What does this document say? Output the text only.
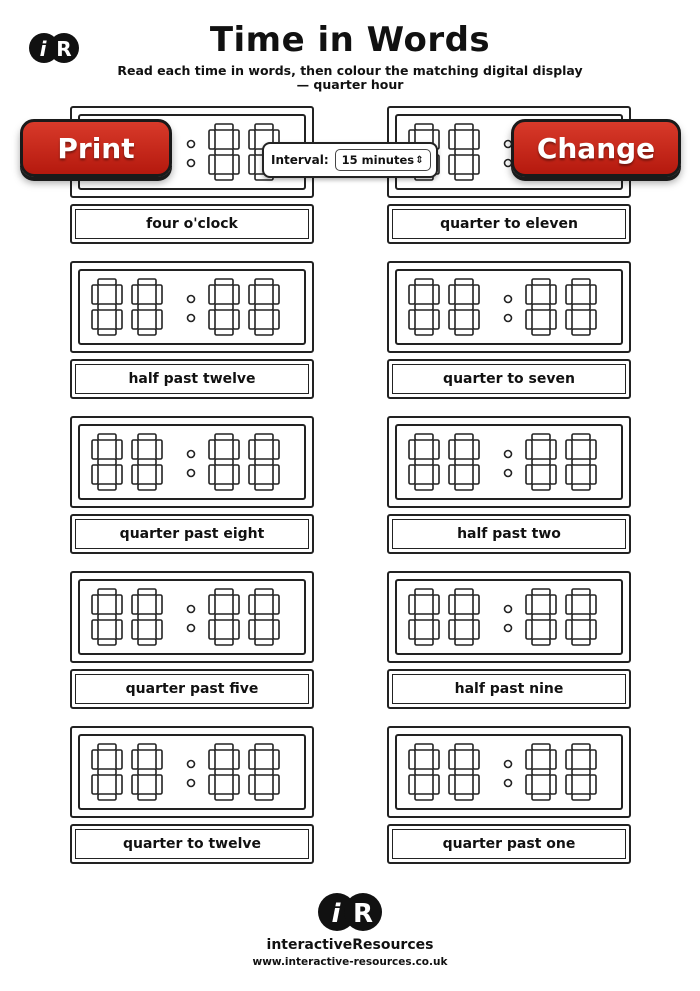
i R	Time in Words
Read each time in words, then colour the matching digital display — quarter hour
four o'clock	quarter to eleven
half past twelve	quarter to seven
quarter past eight	half past two
quarter past five	half past nine
quarter to twelve	quarter past one
Print	Change
Interval: 15 minutes ⇕
i R
interactiveResources
www.interactive-resources.co.uk
